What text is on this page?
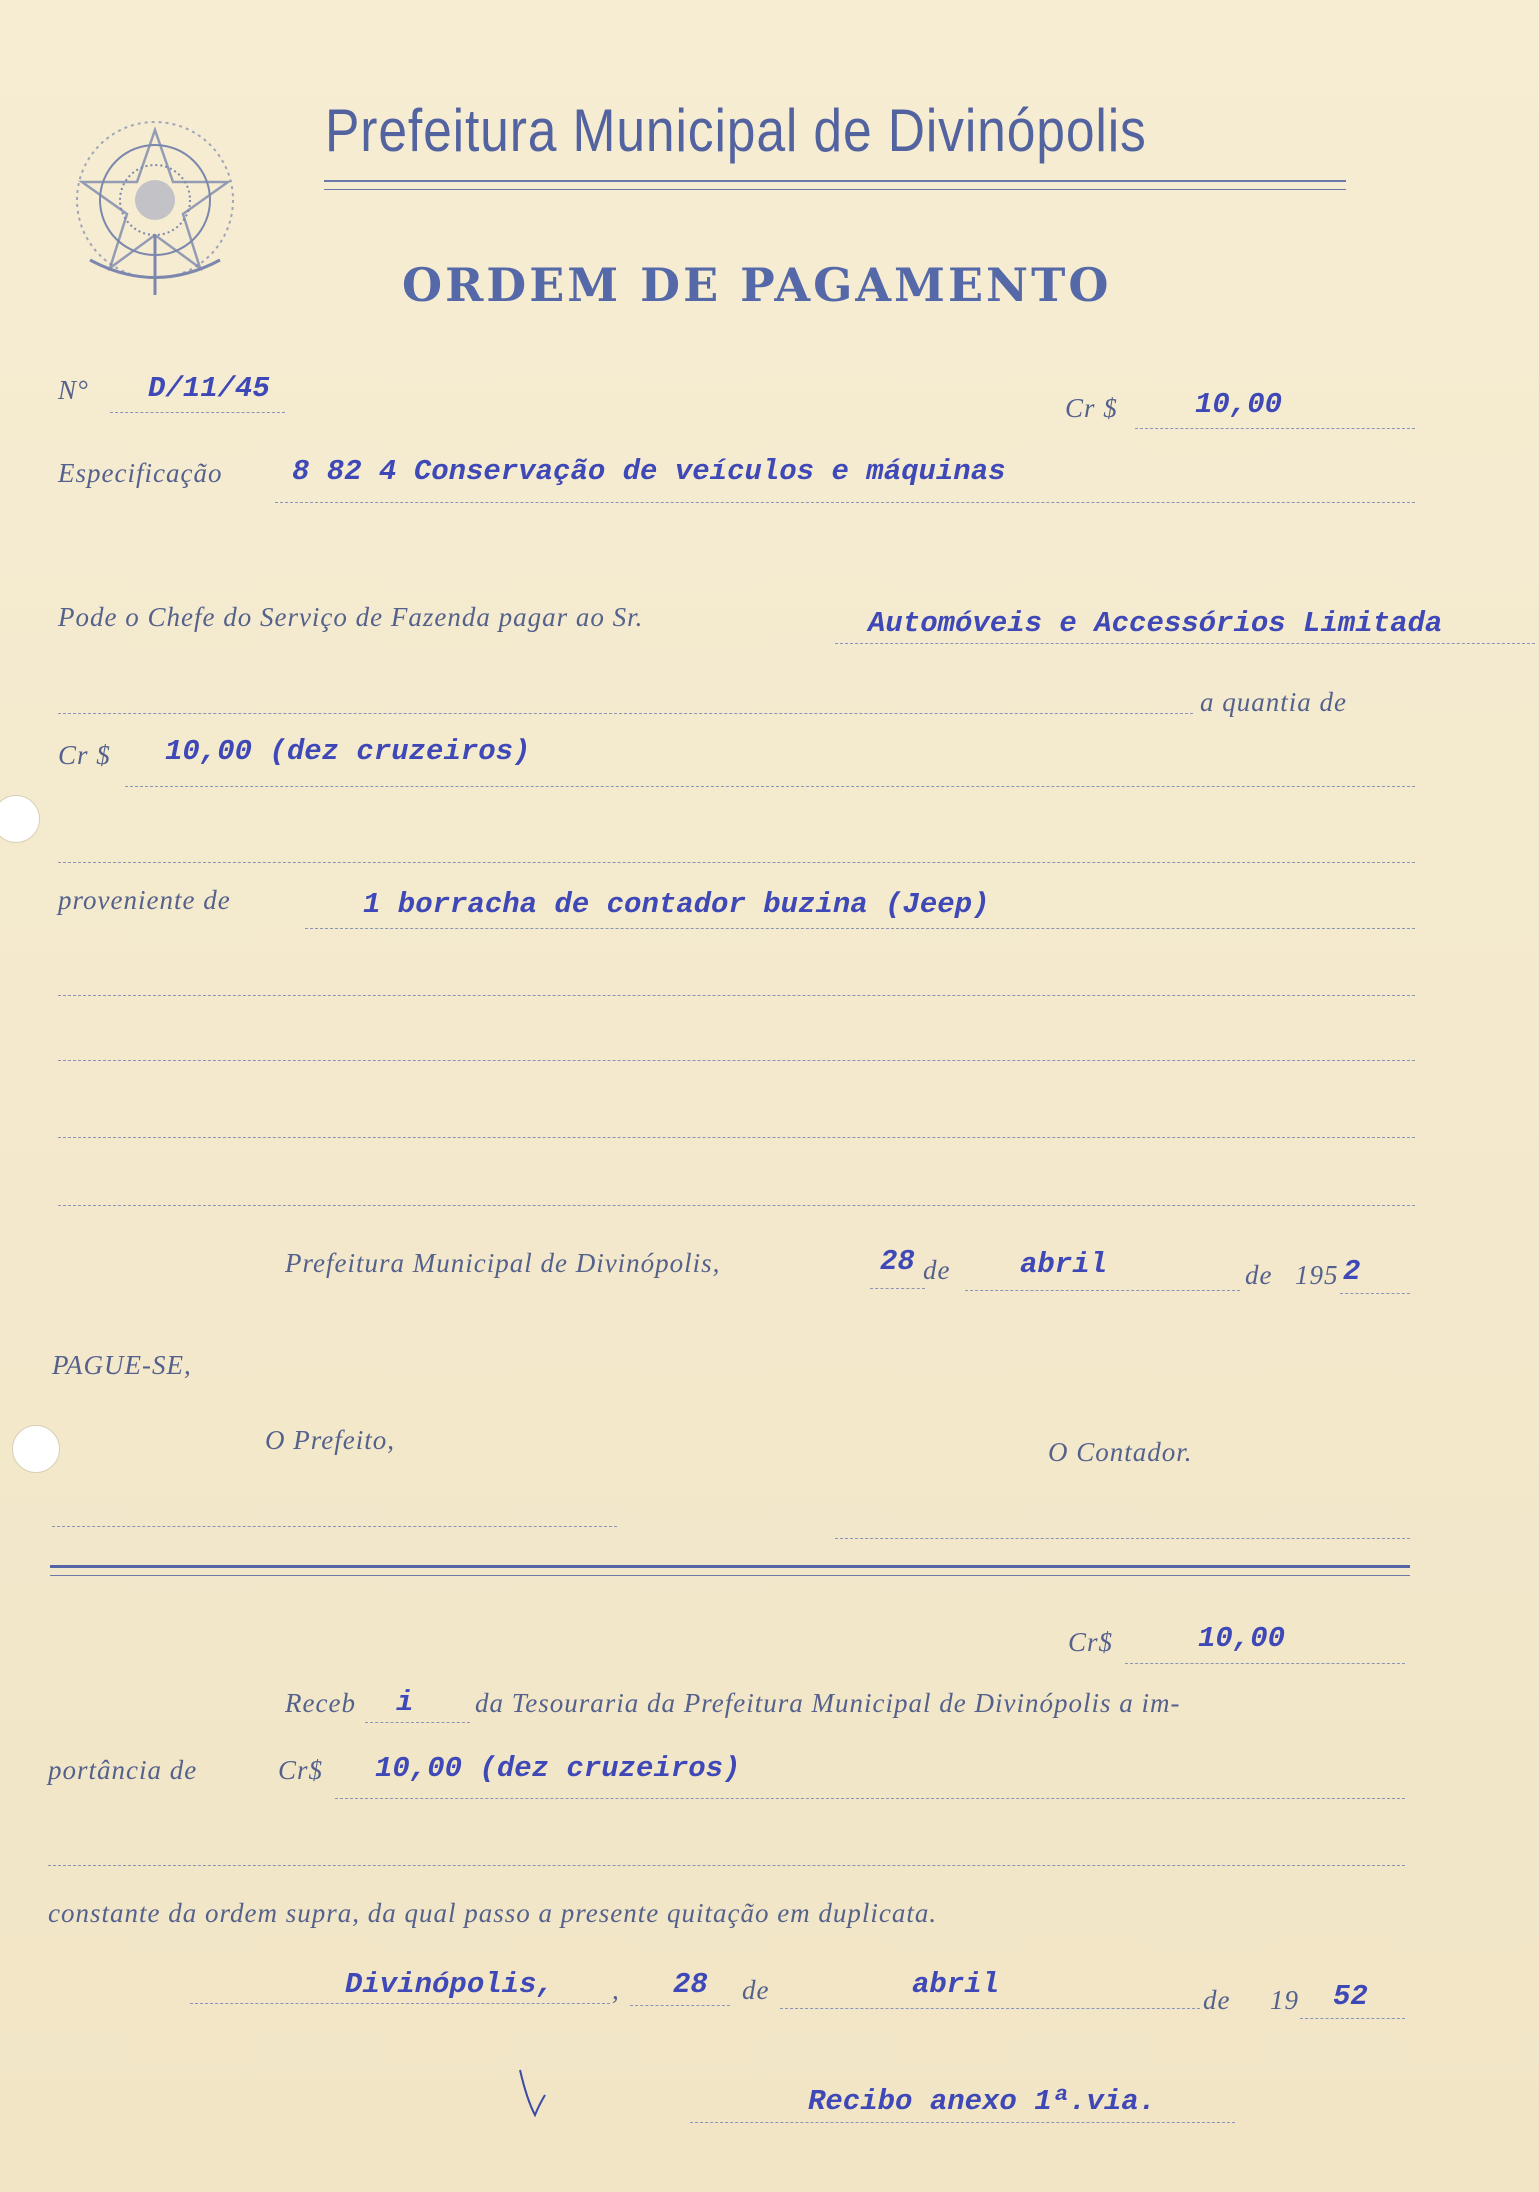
Prefeitura Municipal de Divinópolis
ORDEM DE PAGAMENTO
N° D/11/45
Cr $	10,00
Especificação 8 82 4 Conservação de veículos e máquinas
Pode o Chefe do Serviço de Fazenda pagar ao Sr.	Automóveis e Accessórios Limitada
a quantia de
Cr $ 10,00 (dez cruzeiros)
proveniente de	1 borracha de contador buzina (Jeep)
Prefeitura Municipal de Divinópolis,	28 de abril	de 195 2
PAGUE-SE,
O Prefeito,	O Contador.
Cr$	10,00
Receb i da Tesouraria da Prefeitura Municipal de Divinópolis a im-
portância de	Cr$ 10,00 (dez cruzeiros)
constante da ordem supra, da qual passo a presente quitação em duplicata.
Divinópolis, , 28 de	abril	de 19 52
Recibo anexo 1ª.via.
